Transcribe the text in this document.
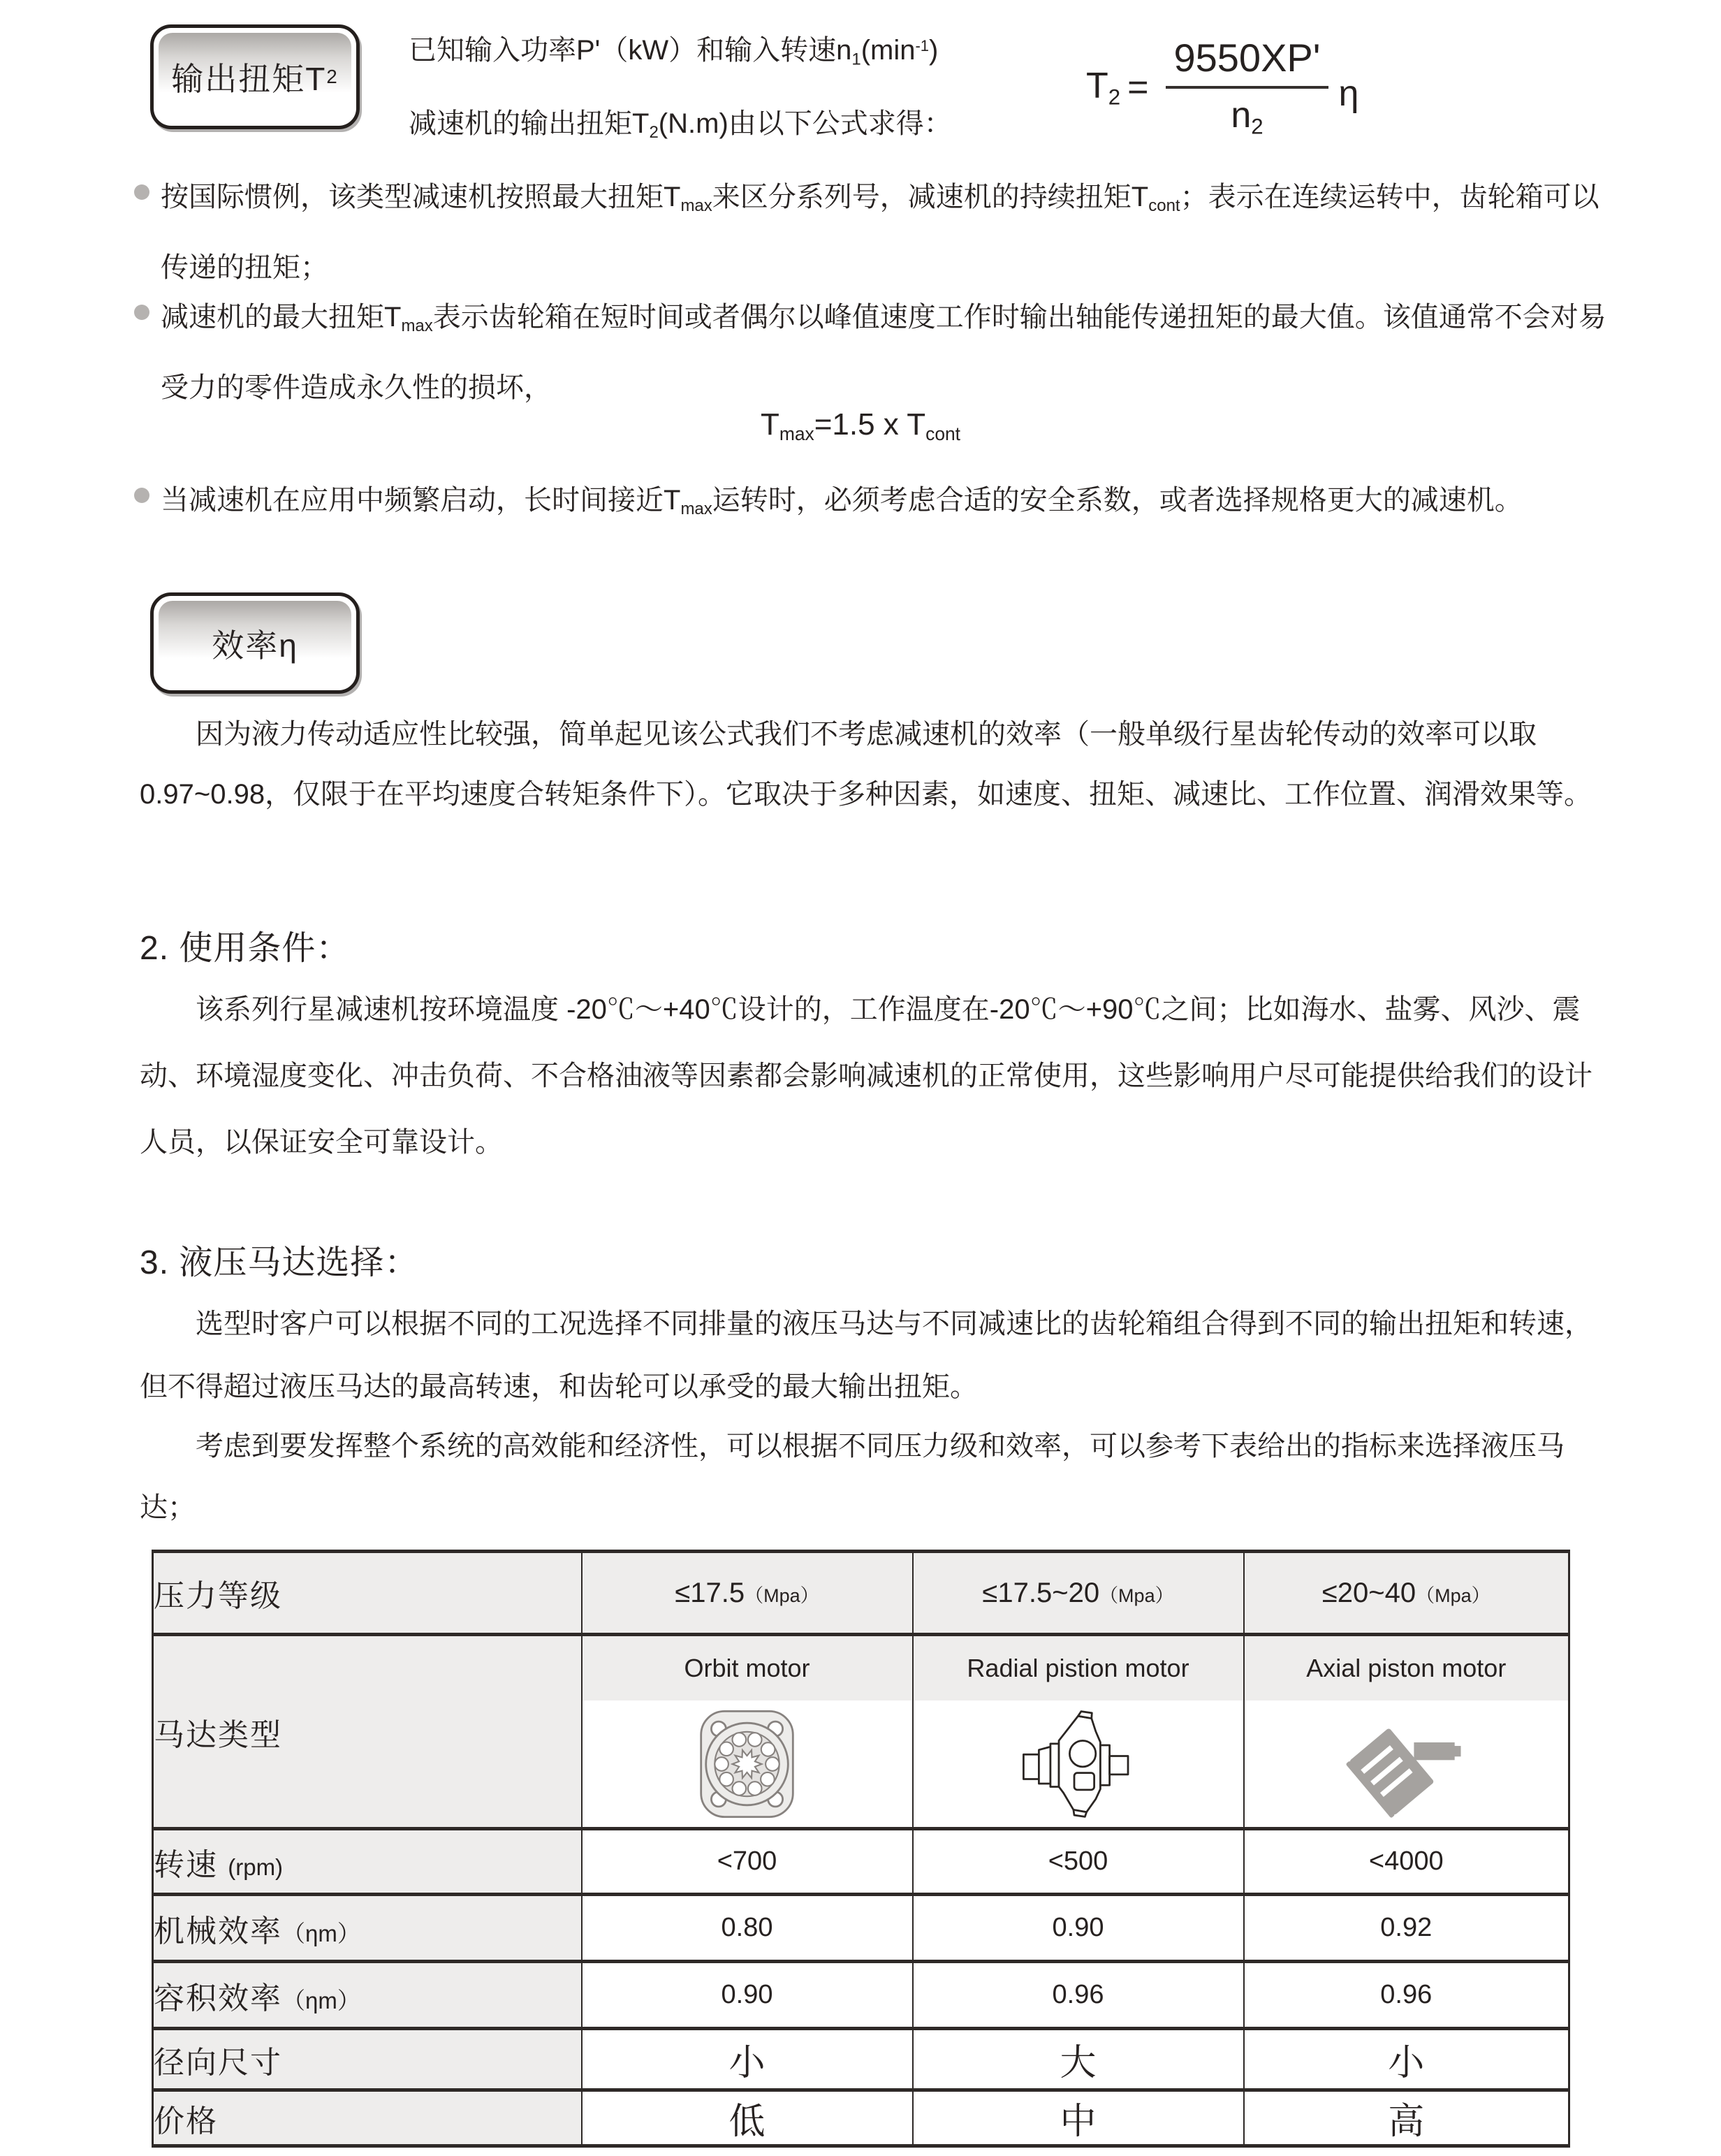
输出扭矩T 2
已知输入功率P'（kW）和输入转速$n1(\min^{-1})$
减速机的输出扭矩T2(N.m)由以下公式求得：
$T2 = \frac{9550XP'}{n2}$ η
按国际惯例，该类型减速机按照最大扭矩Tmax来区分系列号，减速机的持续扭矩Tcont；表示在连续运转中，齿轮箱可以传递的扭矩；
减速机的最大扭矩Tmax表示齿轮箱在短时间或者偶尔以峰值速度工作时输出轴能传递扭矩的最大值。该值通常不会对易受力的零件造成永久性的损坏，
Tmax=1.5 x Tcont
当减速机在应用中频繁启动，长时间接近Tmax运转时，必须考虑合适的安全系数，或者选择规格更大的减速机。
效率η
因为液力传动适应性比较强，简单起见该公式我们不考虑减速机的效率（一般单级行星齿轮传动的效率可以取0.97~0.98，仅限于在平均速度合转矩条件下）。它取决于多种因素，如速度、扭矩、减速比、工作位置、润滑效果等。
2. 使用条件：
该系列行星减速机按环境温度 -20℃～+40℃设计的，工作温度在-20℃～+90℃之间；比如海水、盐雾、风沙、震动、环境湿度变化、冲击负荷、不合格油液等因素都会影响减速机的正常使用，这些影响用户尽可能提供给我们的设计人员，以保证安全可靠设计。
3. 液压马达选择：
选型时客户可以根据不同的工况选择不同排量的液压马达与不同减速比的齿轮箱组合得到不同的输出扭矩和转速，但不得超过液压马达的最高转速，和齿轮可以承受的最大输出扭矩。
考虑到要发挥整个系统的高效能和经济性，可以根据不同压力级和效率，可以参考下表给出的指标来选择液压马达；
压力等级	≤17.5（Mpa）	≤17.5~20（Mpa）	≤20~40（Mpa）
马达类型	Orbit motor	Radial pistion motor	Axial piston motor

转速 (rpm)	<700	<500	<4000
机械效率（ηm）	0.80	0.90	0.92
容积效率（ηm）	0.90	0.96	0.96
径向尺寸	小	大	小
价格	低	中	高
